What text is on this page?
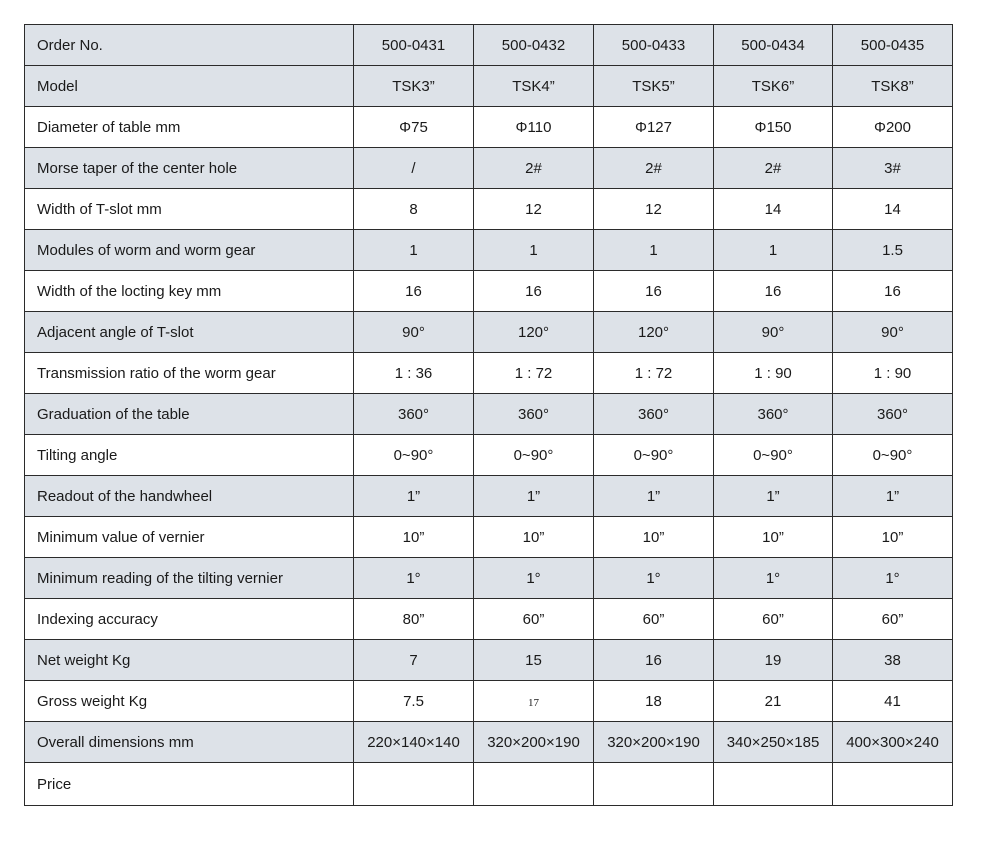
Order No.	500-0431	500-0432	500-0433	500-0434	500-0435
Model	TSK3”	TSK4”	TSK5”	TSK6”	TSK8”
Diameter of table mm	Φ75	Φ110	Φ127	Φ150	Φ200
Morse taper of the center hole	/	2#	2#	2#	3#
Width of T-slot mm	8	12	12	14	14
Modules of worm and worm gear	1	1	1	1	1.5
Width of the locting key mm	16	16	16	16	16
Adjacent angle of T-slot	90°	120°	120°	90°	90°
Transmission ratio of the worm gear	1 : 36	1 : 72	1 : 72	1 : 90	1 : 90
Graduation of the table	360°	360°	360°	360°	360°
Tilting angle	0~90°	0~90°	0~90°	0~90°	0~90°
Readout of the handwheel	1”	1”	1”	1”	1”
Minimum value of vernier	10”	10”	10”	10”	10”
Minimum reading of the tilting vernier	1°	1°	1°	1°	1°
Indexing accuracy	80”	60”	60”	60”	60”
Net weight Kg	7	15	16	19	38
Gross weight Kg	7.5	17	18	21	41
Overall dimensions mm	220×140×140	320×200×190	320×200×190	340×250×185	400×300×240
Price					
